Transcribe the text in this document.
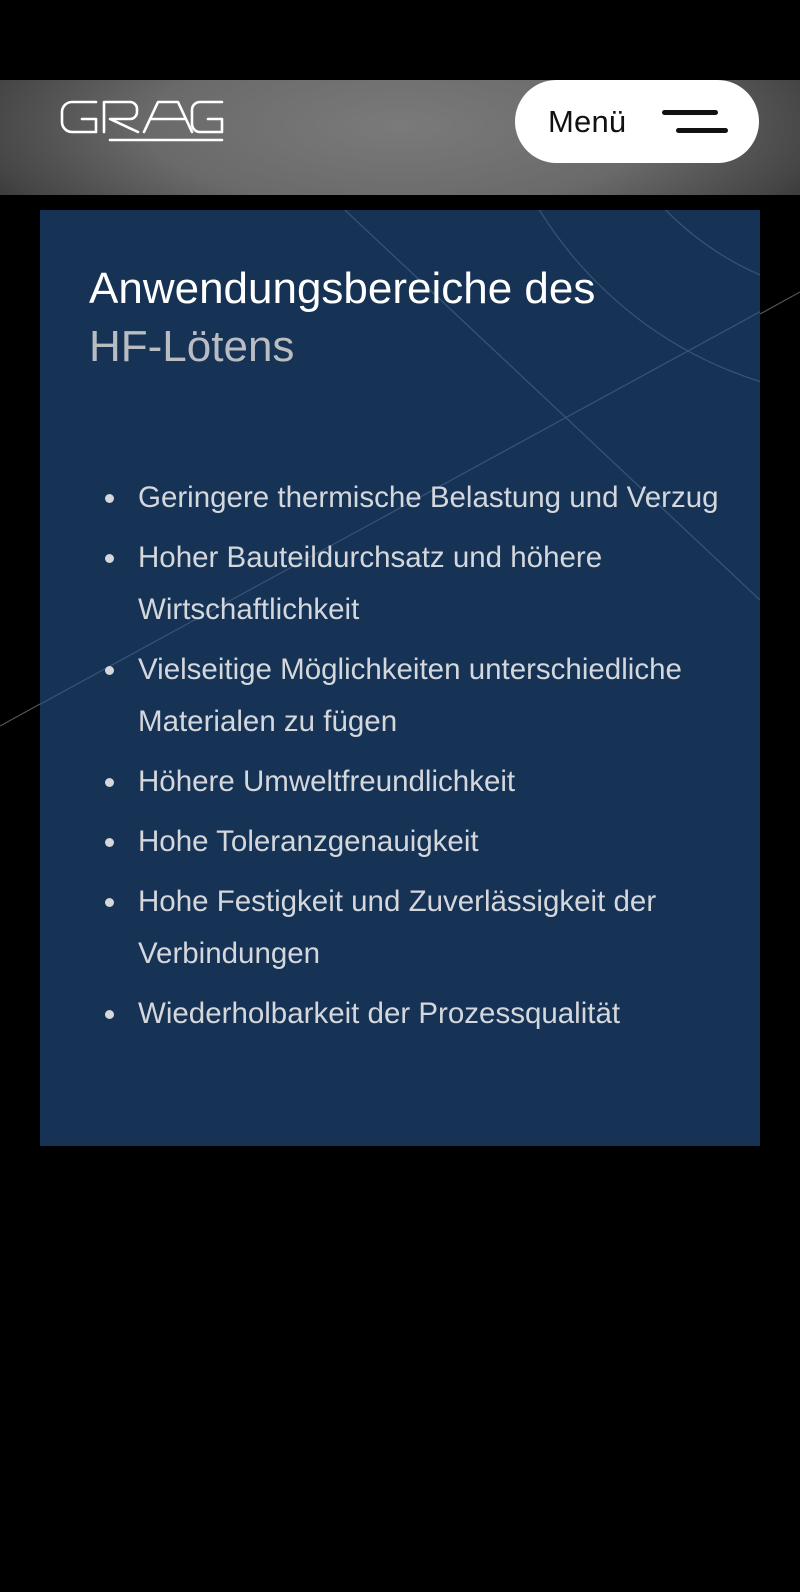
Menü
Anwendungsbereiche des
HF-Lötens
Geringere thermische Belastung und Verzug
Hoher Bauteildurchsatz und höhere Wirtschaftlichkeit
Vielseitige Möglichkeiten unterschiedliche Materialen zu fügen
Höhere Umweltfreundlichkeit
Hohe Toleranzgenauigkeit
Hohe Festigkeit und Zuverlässigkeit der Verbindungen
Wiederholbarkeit der Prozessqualität
